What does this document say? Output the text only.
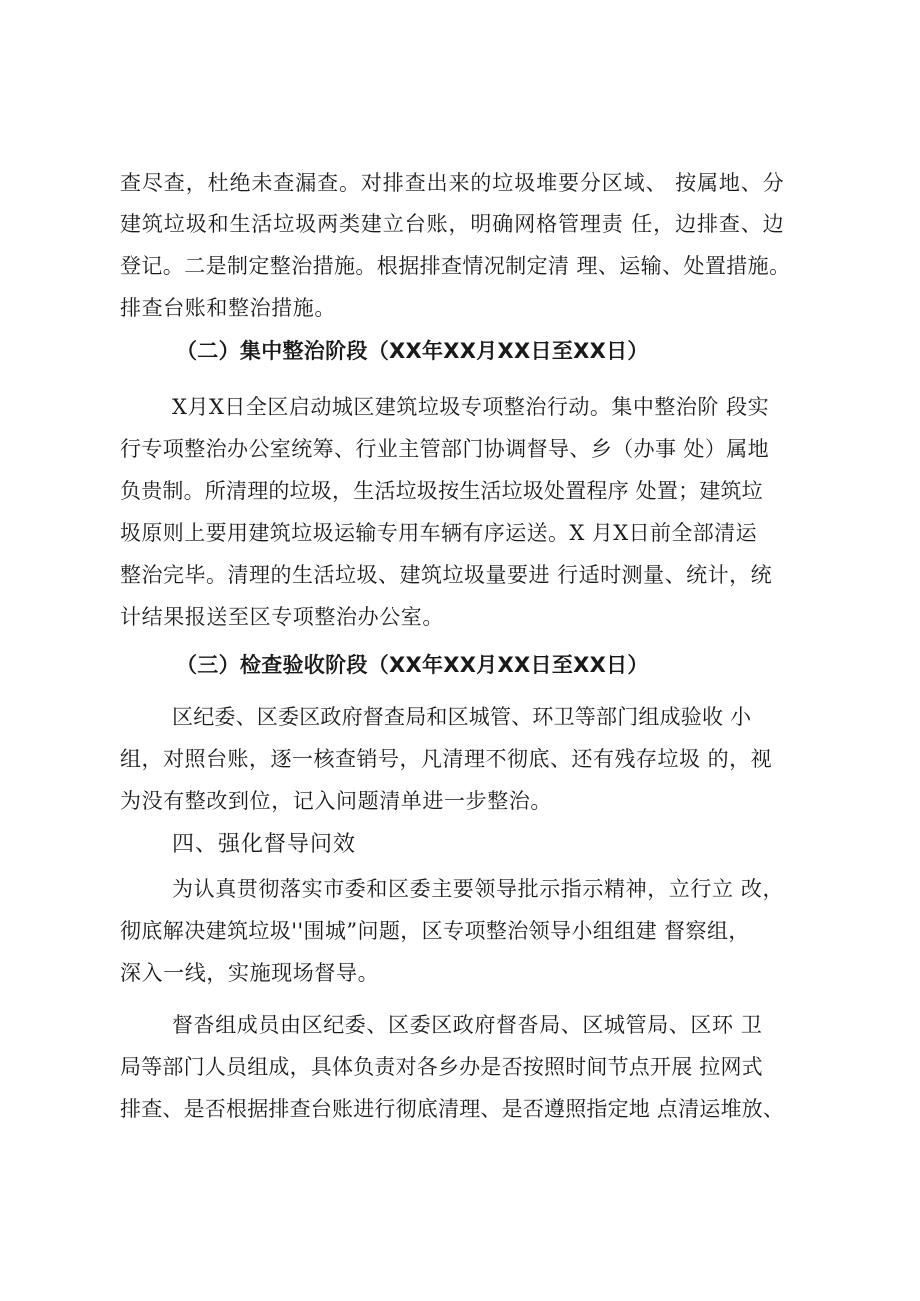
查尽查，杜绝未查漏查。对排查出来的垃圾堆要分区域、 按属地、分
建筑垃圾和生活垃圾两类建立台账，明确网格管理责 任，边排查、边
登记。二是制定整治措施。根据排查情况制定清 理、运输、处置措施。
排查台账和整治措施。
（二）集中整治阶段（XX年XX月XX日至XX日）
X月X日全区启动城区建筑垃圾专项整治行动。集中整治阶 段实
行专项整治办公室统筹、行业主管部门协调督导、乡（办事 处）属地
负贵制。所清理的垃圾，生活垃圾按生活垃圾处置程序 处置；建筑垃
圾原则上要用建筑垃圾运输专用车辆有序运送。X 月X日前全部清运
整治完毕。清理的生活垃圾、建筑垃圾量要进 行适时测量、统计，统
计结果报送至区专项整治办公室。
（三）检查验收阶段（XX年XX月XX日至XX日）
区纪委、区委区政府督查局和区城管、环卫等部门组成验收 小
组，对照台账，逐一核查销号，凡清理不彻底、还有残存垃圾 的，视
为没有整改到位，记入问题清单进一步整治。
四、强化督导问效
为认真贯彻落实市委和区委主要领导批示指示精神，立行立 改，
彻底解决建筑垃圾''围城”问题，区专项整治领导小组组建 督察组，
深入一线，实施现场督导。
督沓组成员由区纪委、区委区政府督沓局、区城管局、区环 卫
局等部门人员组成，具体负责对各乡办是否按照时间节点开展 拉网式
排查、是否根据排查台账进行彻底清理、是否遵照指定地 点清运堆放、
